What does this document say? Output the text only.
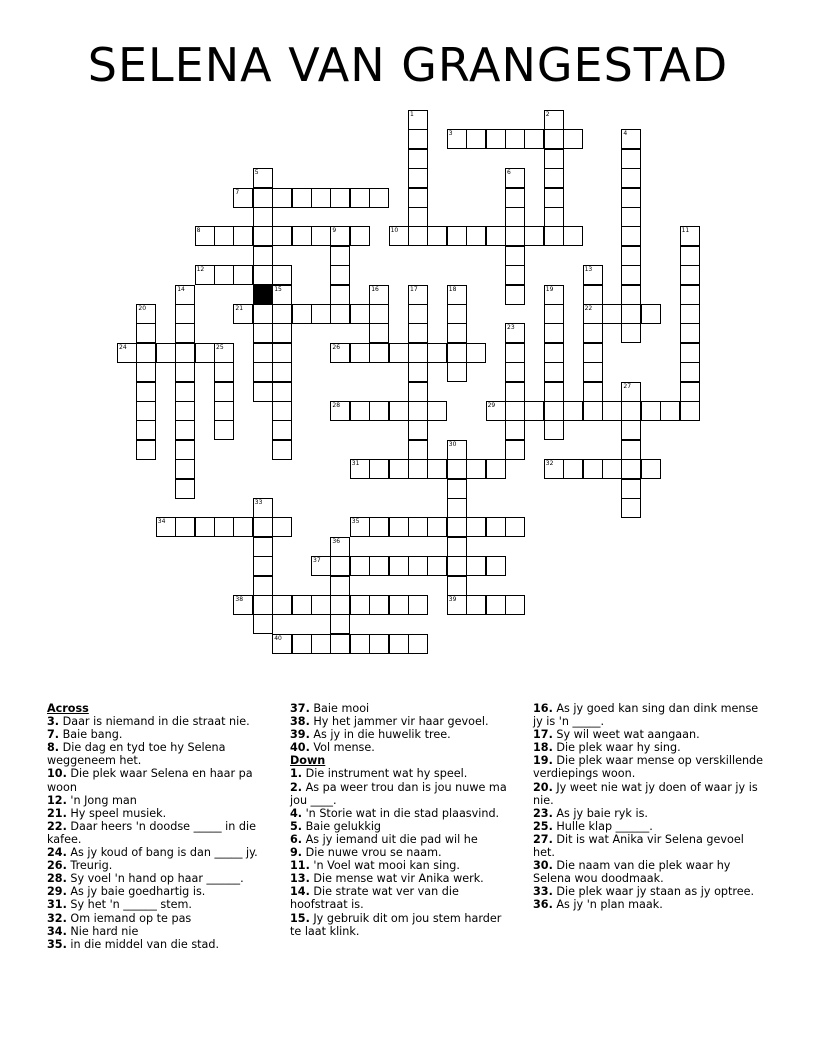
SELENA VAN GRANGESTAD
3
7
8	9	10
12
21	22
24	25	26
28	29
31	32
34	35
37
38	39
40
1	2
4
5	6
11
13
14	15	16	17	18	19
20
23
27
30
33
36
Across
3. Daar is niemand in die straat nie.
7. Baie bang.
8. Die dag en tyd toe hy Selena weggeneem het.
10. Die plek waar Selena en haar pa woon
12. 'n Jong man
21. Hy speel musiek.
22. Daar heers 'n doodse _____ in die kafee.
24. As jy koud of bang is dan _____ jy.
26. Treurig.
28. Sy voel 'n hand op haar ______.
29. As jy baie goedhartig is.
31. Sy het 'n ______ stem.
32. Om iemand op te pas
34. Nie hard nie
35. in die middel van die stad.
37. Baie mooi
38. Hy het jammer vir haar gevoel.
39. As jy in die huwelik tree.
40. Vol mense.
Down
1. Die instrument wat hy speel.
2. As pa weer trou dan is jou nuwe ma jou ____.
4. 'n Storie wat in die stad plaasvind.
5. Baie gelukkig
6. As jy iemand uit die pad wil he
9. Die nuwe vrou se naam.
11. 'n Voel wat mooi kan sing.
13. Die mense wat vir Anika werk.
14. Die strate wat ver van die hoofstraat is.
15. Jy gebruik dit om jou stem harder te laat klink.
16. As jy goed kan sing dan dink mense jy is 'n _____.
17. Sy wil weet wat aangaan.
18. Die plek waar hy sing.
19. Die plek waar mense op verskillende verdiepings woon.
20. Jy weet nie wat jy doen of waar jy is nie.
23. As jy baie ryk is.
25. Hulle klap ______.
27. Dit is wat Anika vir Selena gevoel het.
30. Die naam van die plek waar hy Selena wou doodmaak.
33. Die plek waar jy staan as jy optree.
36. As jy 'n plan maak.
